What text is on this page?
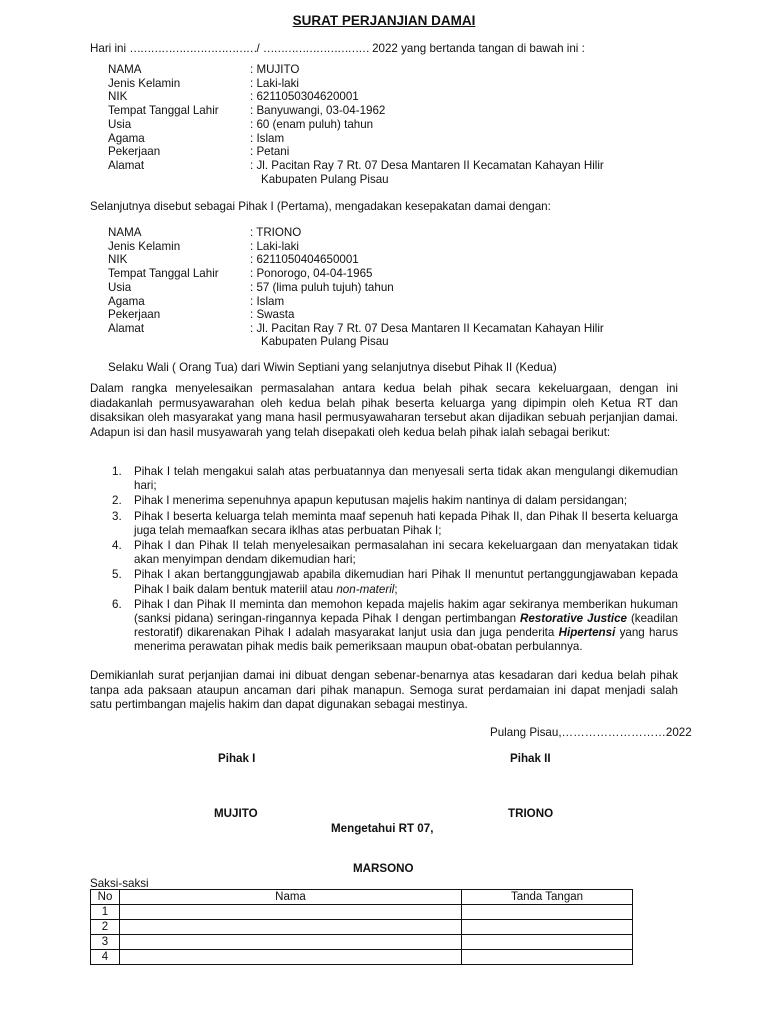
SURAT PERJANJIAN DAMAI
Hari ini ………………………………/ ………………………… 2022 yang bertanda tangan di bawah ini :
NAMA	: MUJITO
Jenis Kelamin	: Laki-laki
NIK	: 6211050304620001
Tempat Tanggal Lahir	: Banyuwangi, 03-04-1962
Usia	: 60 (enam puluh) tahun
Agama	: Islam
Pekerjaan	: Petani
Alamat	: Jl. Pacitan Ray 7 Rt. 07 Desa Mantaren II Kecamatan Kahayan Hilir
Kabupaten Pulang Pisau
Selanjutnya disebut sebagai Pihak I (Pertama), mengadakan kesepakatan damai dengan:
NAMA	: TRIONO
Jenis Kelamin	: Laki-laki
NIK	: 6211050404650001
Tempat Tanggal Lahir	: Ponorogo, 04-04-1965
Usia	: 57 (lima puluh tujuh) tahun
Agama	: Islam
Pekerjaan	: Swasta
Alamat	: Jl. Pacitan Ray 7 Rt. 07 Desa Mantaren II Kecamatan Kahayan Hilir
Kabupaten Pulang Pisau
Selaku Wali ( Orang Tua) dari Wiwin Septiani yang selanjutnya disebut Pihak II (Kedua)
Dalam rangka menyelesaikan permasalahan antara kedua belah pihak secara kekeluargaan, dengan ini diadakanlah permusyawarahan oleh kedua belah pihak beserta keluarga yang dipimpin oleh Ketua RT dan disaksikan oleh masyarakat yang mana hasil permusyawaharan tersebut akan dijadikan sebuah perjanjian damai. Adapun isi dan hasil musyawarah yang telah disepakati oleh kedua belah pihak ialah sebagai berikut:
1. Pihak I telah mengakui salah atas perbuatannya dan menyesali serta tidak akan mengulangi dikemudian hari;
2. Pihak I menerima sepenuhnya apapun keputusan majelis hakim nantinya di dalam persidangan;
3. Pihak I beserta keluarga telah meminta maaf sepenuh hati kepada Pihak II, dan Pihak II beserta keluarga juga telah memaafkan secara iklhas atas perbuatan Pihak I;
4. Pihak I dan Pihak II telah menyelesaikan permasalahan ini secara kekeluargaan dan menyatakan tidak akan menyimpan dendam dikemudian hari;
5. Pihak I akan bertanggungjawab apabila dikemudian hari Pihak II menuntut pertanggungjawaban kepada Pihak I baik dalam bentuk materiil atau non-materil;
6. Pihak I dan Pihak II meminta dan memohon kepada majelis hakim agar sekiranya memberikan hukuman (sanksi pidana) seringan-ringannya kepada Pihak I dengan pertimbangan Restorative Justice (keadilan restoratif) dikarenakan Pihak I adalah masyarakat lanjut usia dan juga penderita Hipertensi yang harus menerima perawatan pihak medis baik pemeriksaan maupun obat-obatan perbulannya.
Demikianlah surat perjanjian damai ini dibuat dengan sebenar-benarnya atas kesadaran dari kedua belah pihak tanpa ada paksaan ataupun ancaman dari pihak manapun. Semoga surat perdamaian ini dapat menjadi salah satu pertimbangan majelis hakim dan dapat digunakan sebagai mestinya.
Pulang Pisau,………………………2022
Pihak I	Pihak II
MUJITO	TRIONO
Mengetahui RT 07,
MARSONO
Saksi-saksi
No	Nama	Tanda Tangan
1		
2		
3		
4		
